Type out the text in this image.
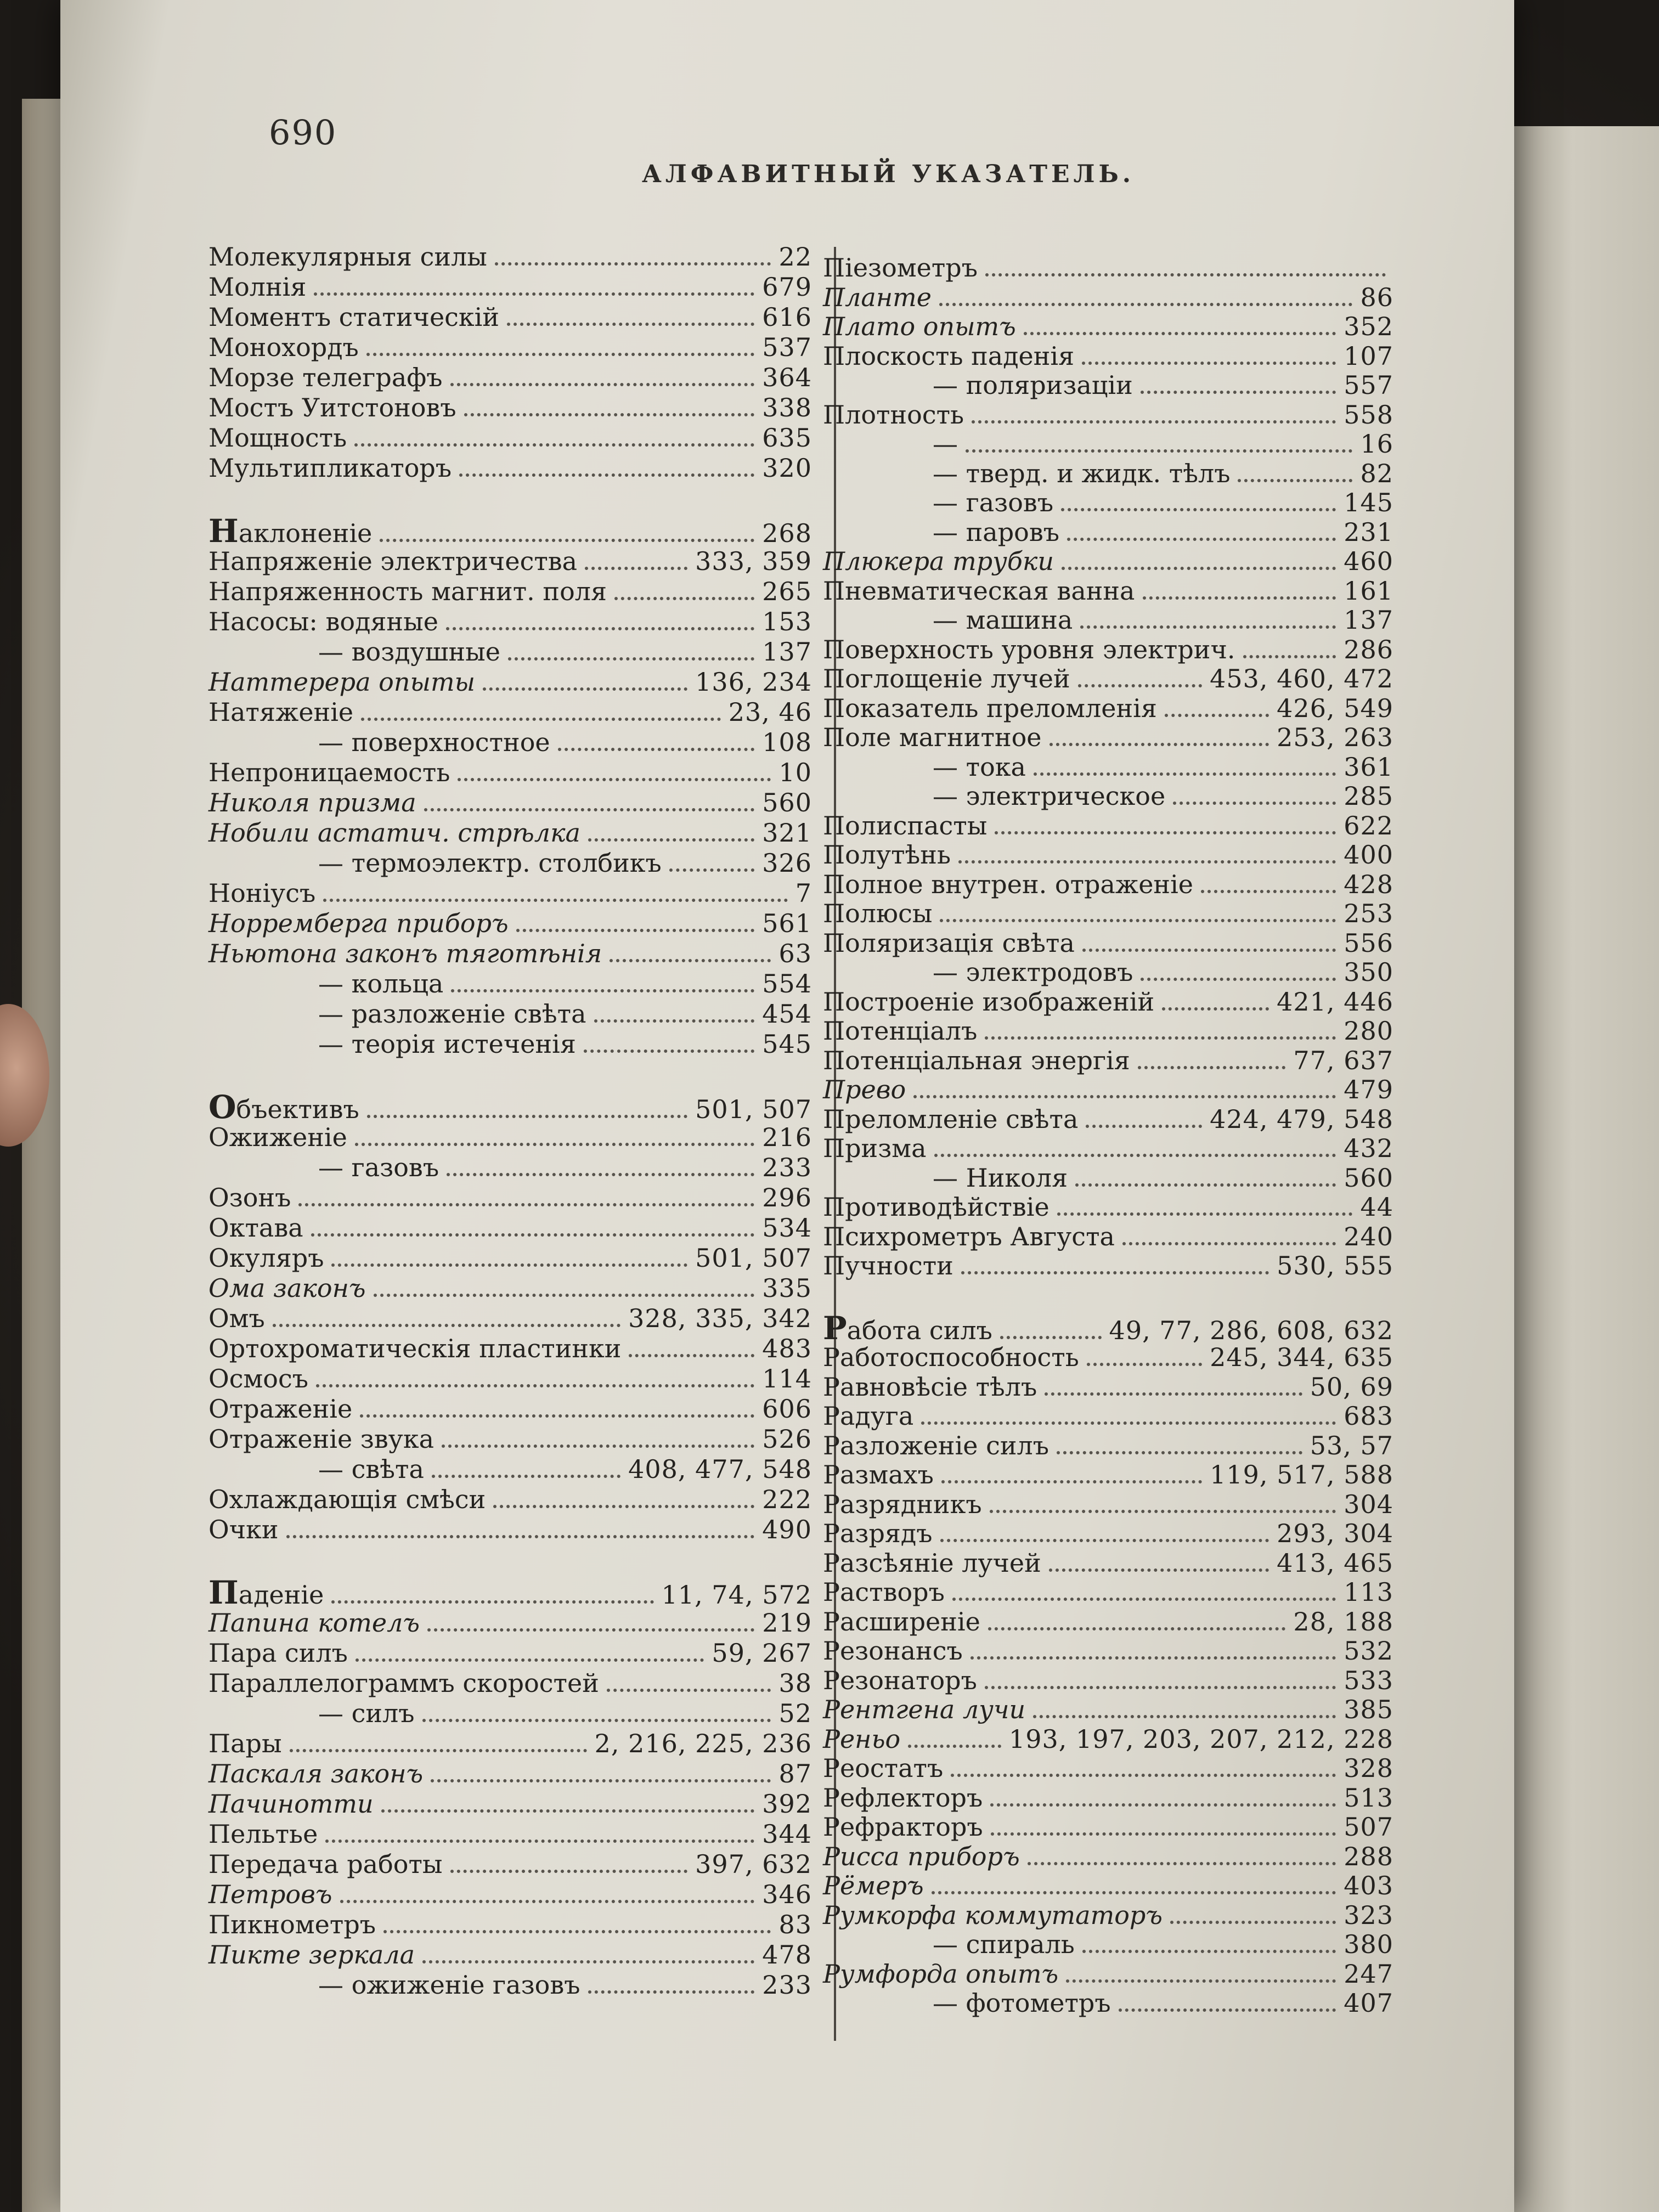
690
АЛФАВИТНЫЙ УКАЗАТЕЛЬ.
Молекулярныя силы	22
Молнія	679
Моментъ статическій	616
Монохордъ	537
Морзе телеграфъ	364
Мостъ Уитстоновъ	338
Мощность	635
Мультипликаторъ	320
Наклоненіе	268
Напряженіе электричества	333, 359
Напряженность магнит. поля	265
Насосы: водяные	153
— воздушные	137
Наттерера опыты	136, 234
Натяженіе	23, 46
— поверхностное	108
Непроницаемость	10
Николя призма	560
Нобили астатич. стрѣлка	321
— термоэлектр. столбикъ	326
Ноніусъ	7
Норремберга приборъ	561
Ньютона законъ тяготѣнія	63
— кольца	554
— разложеніе свѣта	454
— теорія истеченія	545
Объективъ	501, 507
Ожиженіе	216
— газовъ	233
Озонъ	296
Октава	534
Окуляръ	501, 507
Ома законъ	335
Омъ	328, 335, 342
Ортохроматическія пластинки	483
Осмосъ	114
Отраженіе	606
Отраженіе звука	526
— свѣта	408, 477, 548
Охлаждающія смѣси	222
Очки	490
Паденіе	11, 74, 572
Папина котелъ	219
Пара силъ	59, 267
Параллелограммъ скоростей	38
— силъ	52
Пары	2, 216, 225, 236
Паскаля законъ	87
Пачинотти	392
Пельтье	344
Передача работы	397, 632
Петровъ	346
Пикнометръ	83
Пикте зеркала	478
— ожиженіе газовъ	233
Піезометръ
Планте	86
Плато опытъ	352
Плоскость паденія	107
— поляризаціи	557
Плотность	558
—	16
— тверд. и жидк. тѣлъ	82
— газовъ	145
— паровъ	231
Плюкера трубки	460
Пневматическая ванна	161
— машина	137
Поверхность уровня электрич.	286
Поглощеніе лучей	453, 460, 472
Показатель преломленія	426, 549
Поле магнитное	253, 263
— тока	361
— электрическое	285
Полиспасты	622
Полутѣнь	400
Полное внутрен. отраженіе	428
Полюсы	253
Поляризація свѣта	556
— электродовъ	350
Построеніе изображеній	421, 446
Потенціалъ	280
Потенціальная энергія	77, 637
Прево	479
Преломленіе свѣта	424, 479, 548
Призма	432
— Николя	560
Противодѣйствіе	44
Психрометръ Августа	240
Пучности	530, 555
Работа силъ	49, 77, 286, 608, 632
Работоспособность	245, 344, 635
Равновѣсіе тѣлъ	50, 69
Радуга	683
Разложеніе силъ	53, 57
Размахъ	119, 517, 588
Разрядникъ	304
Разрядъ	293, 304
Разсѣяніе лучей	413, 465
Растворъ	113
Расширеніе	28, 188
Резонансъ	532
Резонаторъ	533
Рентгена лучи	385
Реньо	193, 197, 203, 207, 212, 228
Реостатъ	328
Рефлекторъ	513
Рефракторъ	507
Рисса приборъ	288
Рёмеръ	403
Румкорфа коммутаторъ	323
— спираль	380
Румфорда опытъ	247
— фотометръ	407
